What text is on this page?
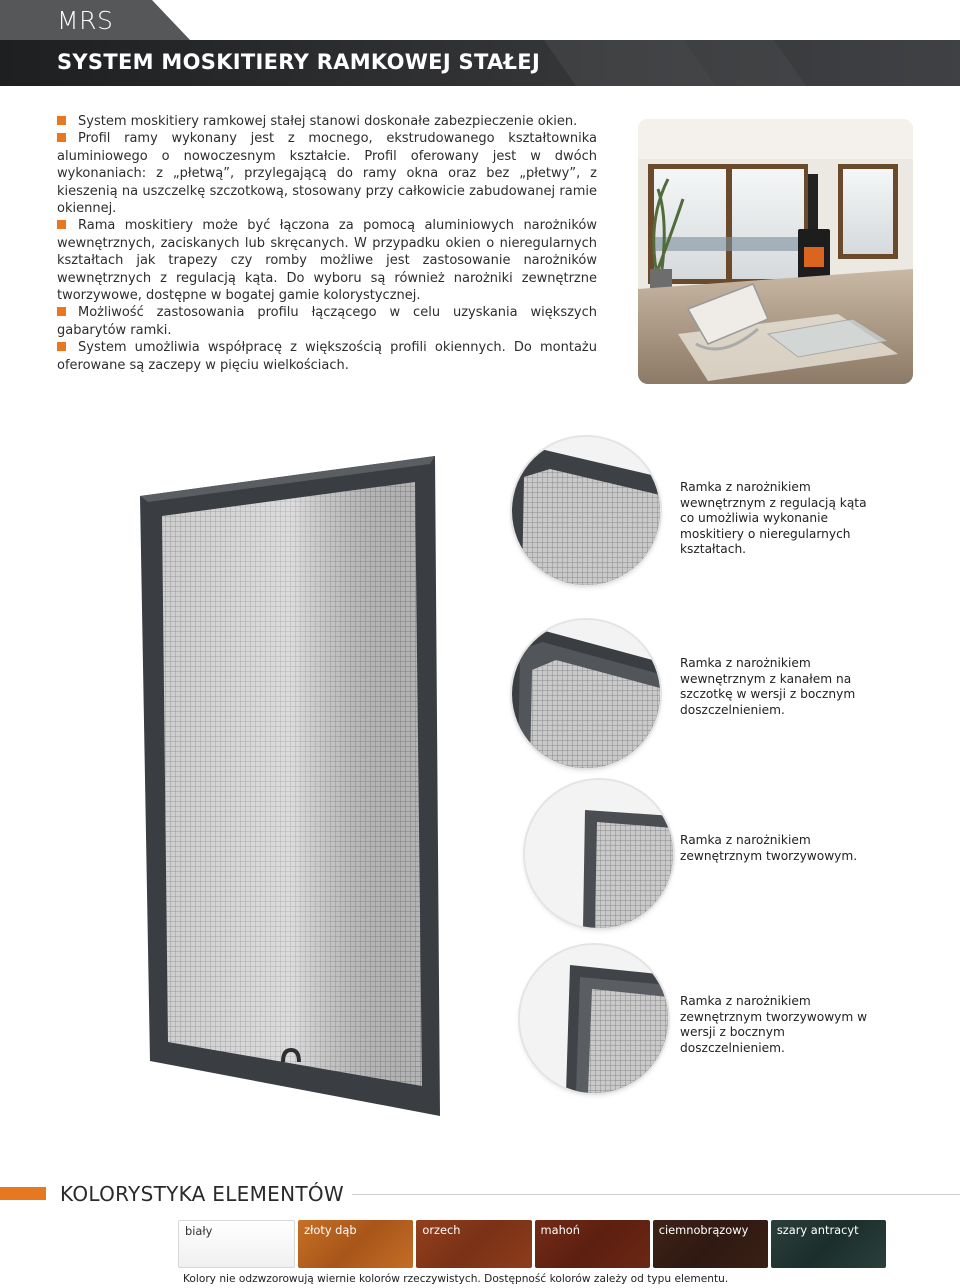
MRS
SYSTEM MOSKITIERY RAMKOWEJ STAŁEJ

System moskitiery ramkowej stałej stanowi doskonałe zabezpieczenie okien.

Profil ramy wykonany jest z mocnego, ekstrudowanego kształtownika aluminiowego o nowoczesnym kształcie. Profil oferowany jest w dwóch wykonaniach: z „płetwą”, przylegającą do ramy okna oraz bez „płetwy”, z kieszenią na uszczelkę szczotkową, stosowany przy całkowicie zabudowanej ramie okiennej.

Rama moskitiery może być łączona za pomocą aluminiowych narożników wewnętrznych, zaciskanych lub skręcanych. W przypadku okien o nieregularnych kształtach jak trapezy czy romby możliwe jest zastosowanie narożników wewnętrznych z regulacją kąta. Do wyboru są również narożniki zewnętrzne tworzywowe, dostępne w bogatej gamie kolorystycznej.

Możliwość zastosowania profilu łączącego w celu uzyskania większych gabarytów ramki.

System umożliwia współpracę z większością profili okiennych. Do montażu oferowane są zaczepy w pięciu wielkościach.

Ramka z narożnikiem wewnętrznym z regulacją kąta co umożliwia wykonanie moskitiery o nieregularnych kształtach.
Ramka z narożnikiem wewnętrznym z kanałem na szczotkę w wersji z bocznym doszczelnieniem.
Ramka z narożnikiem zewnętrznym tworzywowym.
Ramka z narożnikiem zewnętrznym tworzywowym w wersji z bocznym doszczelnieniem.
KOLORYSTYKA ELEMENTÓW
biały	złoty dąb	orzech	mahoń	ciemnobrązowy	szary antracyt
Kolory nie odzwzorowują wiernie kolorów rzeczywistych. Dostępność kolorów zależy od typu elementu.
